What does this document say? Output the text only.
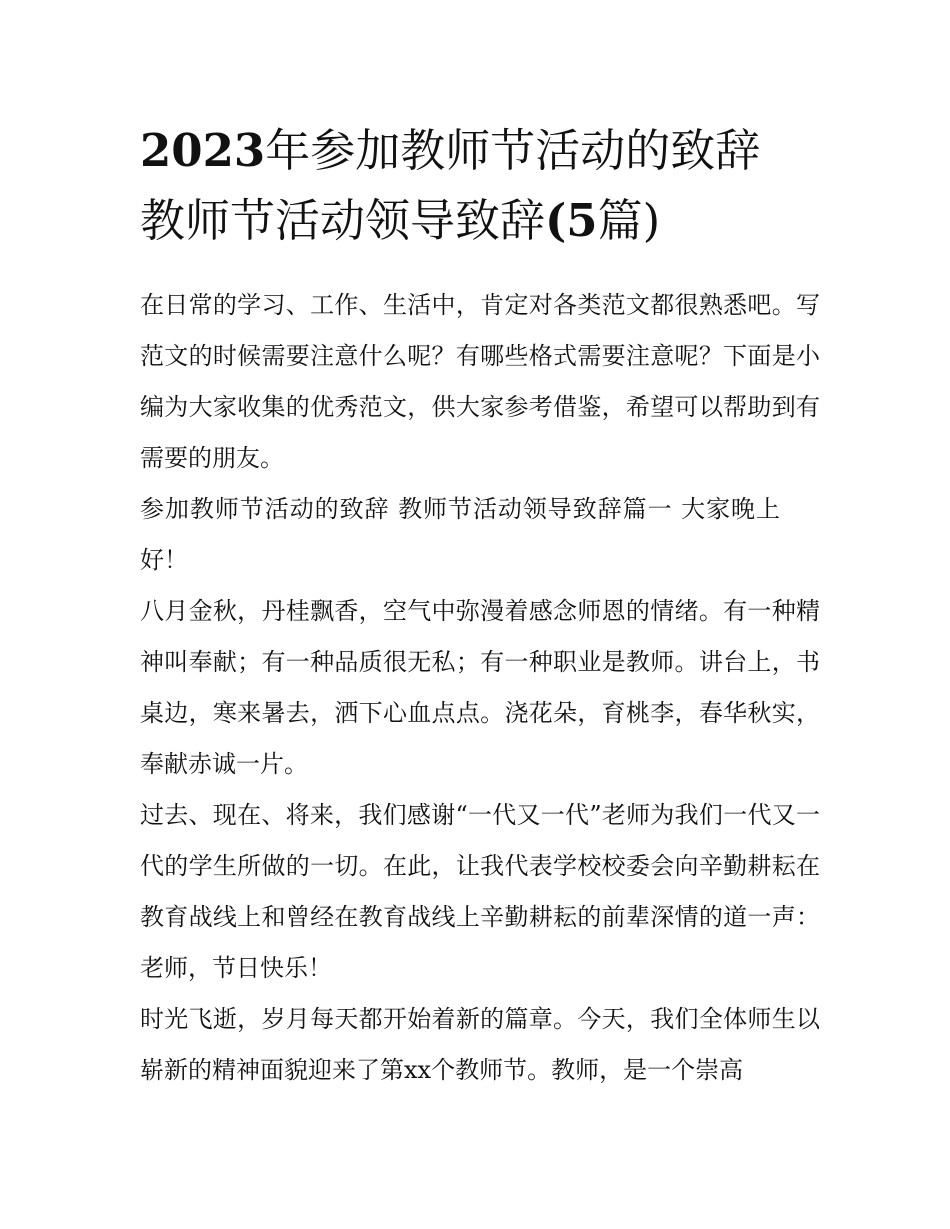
2023年参加教师节活动的致辞
教师节活动领导致辞(5篇)

在日常的学习、工作、生活中，肯定对各类范文都很熟悉吧。写范文的时候需要注意什么呢？有哪些格式需要注意呢？下面是小编为大家收集的优秀范文，供大家参考借鉴，希望可以帮助到有需要的朋友。

参加教师节活动的致辞 教师节活动领导致辞篇一 大家晚上好！

八月金秋，丹桂飘香，空气中弥漫着感念师恩的情绪。有一种精神叫奉献；有一种品质很无私；有一种职业是教师。讲台上，书桌边，寒来暑去，洒下心血点点。浇花朵，育桃李，春华秋实，奉献赤诚一片。

过去、现在、将来，我们感谢“一代又一代”老师为我们一代又一代的学生所做的一切。在此，让我代表学校校委会向辛勤耕耘在教育战线上和曾经在教育战线上辛勤耕耘的前辈深情的道一声：老师，节日快乐！

时光飞逝，岁月每天都开始着新的篇章。今天，我们全体师生以崭新的精神面貌迎来了第xx个教师节。教师，是一个崇高
